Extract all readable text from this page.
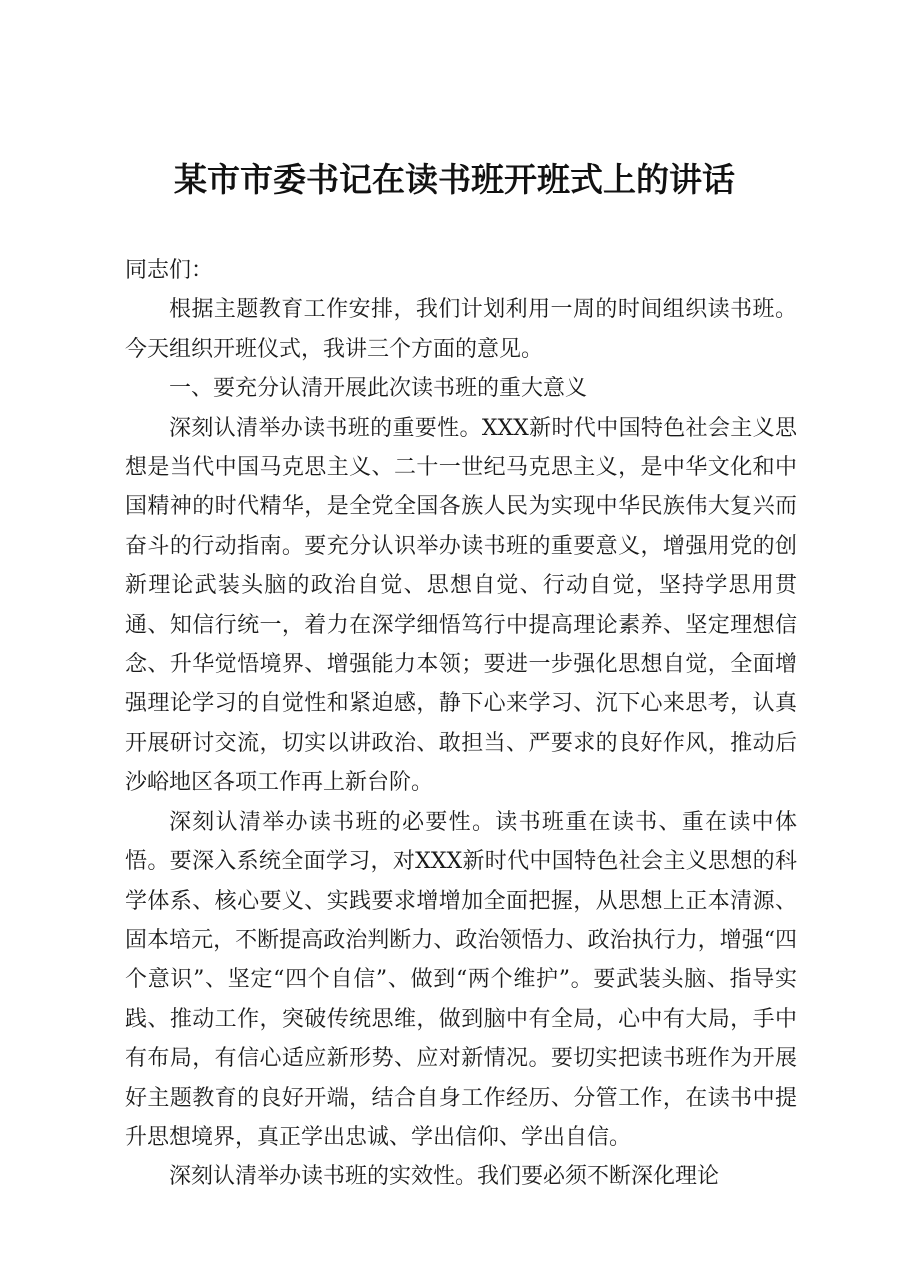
某市市委书记在读书班开班式上的讲话

同志们：

根据主题教育工作安排，我们计划利用一周的时间组织读书班。今天组织开班仪式，我讲三个方面的意见。

一、要充分认清开展此次读书班的重大意义

深刻认清举办读书班的重要性。XXX新时代中国特色社会主义思想是当代中国马克思主义、二十一世纪马克思主义，是中华文化和中国精神的时代精华，是全党全国各族人民为实现中华民族伟大复兴而奋斗的行动指南。要充分认识举办读书班的重要意义，增强用党的创新理论武装头脑的政治自觉、思想自觉、行动自觉，坚持学思用贯通、知信行统一，着力在深学细悟笃行中提高理论素养、坚定理想信念、升华觉悟境界、增强能力本领；要进一步强化思想自觉，全面增强理论学习的自觉性和紧迫感，静下心来学习、沉下心来思考，认真开展研讨交流，切实以讲政治、敢担当、严要求的良好作风，推动后沙峪地区各项工作再上新台阶。

深刻认清举办读书班的必要性。读书班重在读书、重在读中体悟。要深入系统全面学习，对XXX新时代中国特色社会主义思想的科学体系、核心要义、实践要求增增加全面把握，从思想上正本清源、固本培元，不断提高政治判断力、政治领悟力、政治执行力，增强“四个意识”、坚定“四个自信”、做到“两个维护”。要武装头脑、指导实践、推动工作，突破传统思维，做到脑中有全局，心中有大局，手中有布局，有信心适应新形势、应对新情况。要切实把读书班作为开展好主题教育的良好开端，结合自身工作经历、分管工作，在读书中提升思想境界，真正学出忠诚、学出信仰、学出自信。

深刻认清举办读书班的实效性。我们要必须不断深化理论
